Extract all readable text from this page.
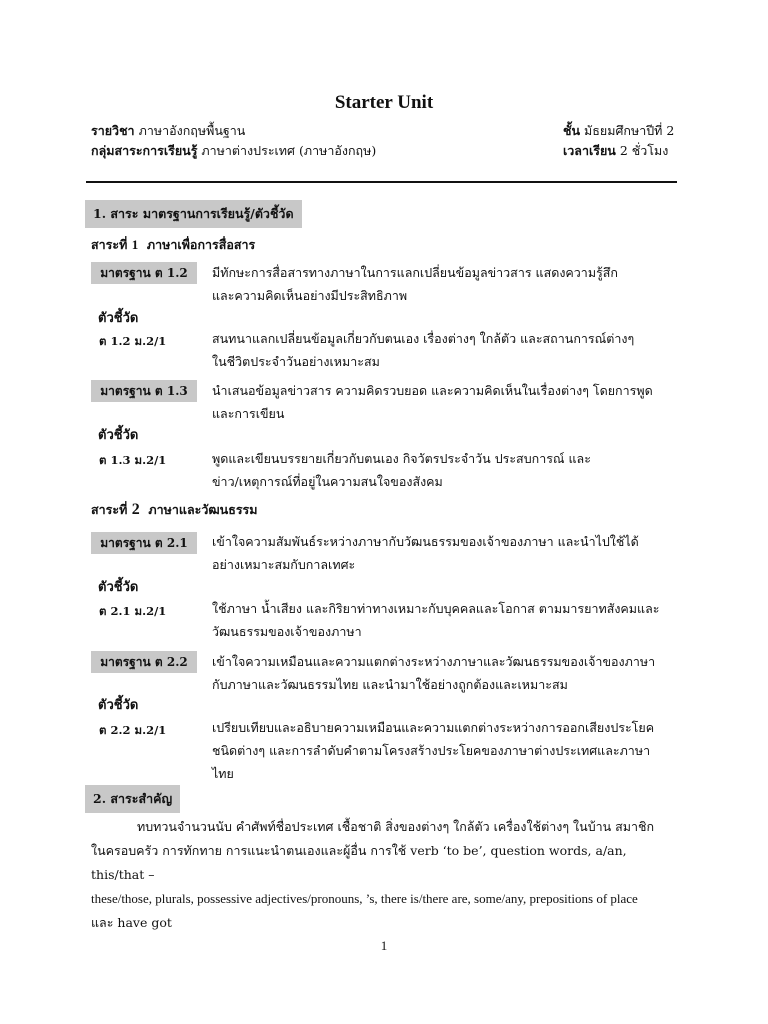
Starter Unit
รายวิชา ภาษาอังกฤษพื้นฐาน
กลุ่มสาระการเรียนรู้ ภาษาต่างประเทศ (ภาษาอังกฤษ)
ชั้น มัธยมศึกษาปีที่ 2
เวลาเรียน 2 ชั่วโมง
1. สาระ มาตรฐานการเรียนรู้/ตัวชี้วัด
สาระที่ 1 ภาษาเพื่อการสื่อสาร
มาตรฐาน ต 1.2	มีทักษะการสื่อสารทางภาษาในการแลกเปลี่ยนข้อมูลข่าวสาร แสดงความรู้สึก
และความคิดเห็นอย่างมีประสิทธิภาพ
ตัวชี้วัด
ต 1.2 ม.2/1	สนทนาแลกเปลี่ยนข้อมูลเกี่ยวกับตนเอง เรื่องต่างๆ ใกล้ตัว และสถานการณ์ต่างๆ
ในชีวิตประจำวันอย่างเหมาะสม
มาตรฐาน ต 1.3	นำเสนอข้อมูลข่าวสาร ความคิดรวบยอด และความคิดเห็นในเรื่องต่างๆ โดยการพูด
และการเขียน
ตัวชี้วัด
ต 1.3 ม.2/1	พูดและเขียนบรรยายเกี่ยวกับตนเอง กิจวัตรประจำวัน ประสบการณ์ และ
ข่าว/เหตุการณ์ที่อยู่ในความสนใจของสังคม
สาระที่ 2 ภาษาและวัฒนธรรม
มาตรฐาน ต 2.1	เข้าใจความสัมพันธ์ระหว่างภาษากับวัฒนธรรมของเจ้าของภาษา และนำไปใช้ได้
อย่างเหมาะสมกับกาลเทศะ
ตัวชี้วัด
ต 2.1 ม.2/1	ใช้ภาษา น้ำเสียง และกิริยาท่าทางเหมาะกับบุคคลและโอกาส ตามมารยาทสังคมและ
วัฒนธรรมของเจ้าของภาษา
มาตรฐาน ต 2.2	เข้าใจความเหมือนและความแตกต่างระหว่างภาษาและวัฒนธรรมของเจ้าของภาษา
กับภาษาและวัฒนธรรมไทย และนำมาใช้อย่างถูกต้องและเหมาะสม
ตัวชี้วัด
ต 2.2 ม.2/1	เปรียบเทียบและอธิบายความเหมือนและความแตกต่างระหว่างการออกเสียงประโยค
ชนิดต่างๆ และการลำดับคำตามโครงสร้างประโยคของภาษาต่างประเทศและภาษา
ไทย
2. สาระสำคัญ
ทบทวนจำนวนนับ คำศัพท์ชื่อประเทศ เชื้อชาติ สิ่งของต่างๆ ใกล้ตัว เครื่องใช้ต่างๆ ในบ้าน สมาชิก
ในครอบครัว การทักทาย การแนะนำตนเองและผู้อื่น การใช้ verb ‘to be’, question words, a/an, this/that –
these/those, plurals, possessive adjectives/pronouns, ’s, there is/there are, some/any, prepositions of place
และ have got
1
